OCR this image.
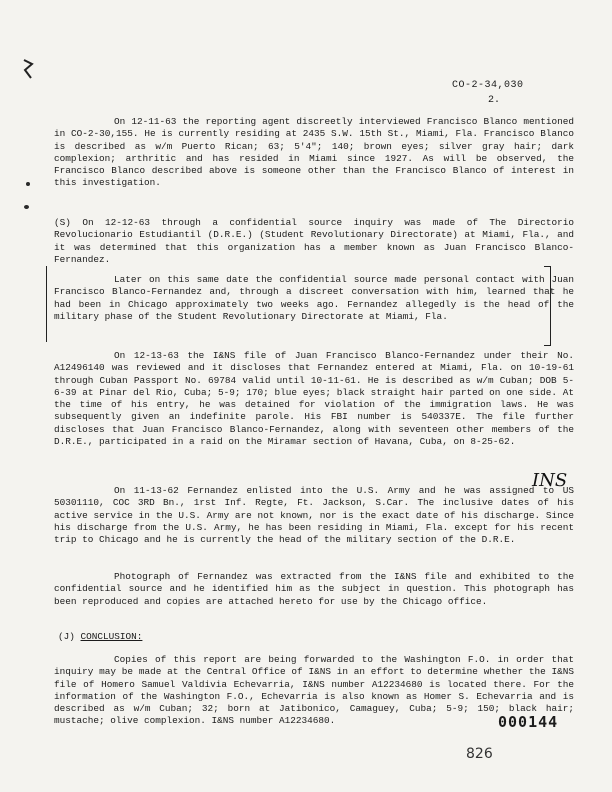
CO-2-34,030
2.

On 12-11-63 the reporting agent discreetly interviewed Francisco Blanco mentioned in CO-2-30,155. He is currently residing at 2435 S.W. 15th St., Miami, Fla. Francisco Blanco is described as w/m Puerto Rican; 63; 5'4"; 140; brown eyes; silver gray hair; dark complexion; arthritic and has resided in Miami since 1927. As will be observed, the Francisco Blanco described above is someone other than the Francisco Blanco of interest in this investigation.

(S) On 12-12-63 through a confidential source inquiry was made of The Directorio Revolucionario Estudiantil (D.R.E.) (Student Revolutionary Directorate) at Miami, Fla., and it was determined that this organization has a member known as Juan Francisco Blanco-Fernandez.

Later on this same date the confidential source made personal contact with Juan Francisco Blanco-Fernandez and, through a discreet conversation with him, learned that he had been in Chicago approximately two weeks ago. Fernandez allegedly is the head of the military phase of the Student Revolutionary Directorate at Miami, Fla.

On 12-13-63 the I&NS file of Juan Francisco Blanco-Fernandez under their No. A12496140 was reviewed and it discloses that Fernandez entered at Miami, Fla. on 10-19-61 through Cuban Passport No. 69784 valid until 10-11-61. He is described as w/m Cuban; DOB 5-6-39 at Pinar del Rio, Cuba; 5-9; 170; blue eyes; black straight hair parted on one side. At the time of his entry, he was detained for violation of the immigration laws. He was subsequently given an indefinite parole. His FBI number is 540337E. The file further discloses that Juan Francisco Blanco-Fernandez, along with seventeen other members of the D.R.E., participated in a raid on the Miramar section of Havana, Cuba, on 8-25-62.

INS

On 11-13-62 Fernandez enlisted into the U.S. Army and he was assigned to US 50301110, COC 3RD Bn., 1rst Inf. Regte, Ft. Jackson, S.Car. The inclusive dates of his active service in the U.S. Army are not known, nor is the exact date of his discharge. Since his discharge from the U.S. Army, he has been residing in Miami, Fla. except for his recent trip to Chicago and he is currently the head of the military section of the D.R.E.

Photograph of Fernandez was extracted from the I&NS file and exhibited to the confidential source and he identified him as the subject in question. This photograph has been reproduced and copies are attached hereto for use by the Chicago office.

(J) CONCLUSION:

Copies of this report are being forwarded to the Washington F.O. in order that inquiry may be made at the Central Office of I&NS in an effort to determine whether the I&NS file of Homero Samuel Valdivia Echevarria, I&NS number A12234680 is located there. For the information of the Washington F.O., Echevarria is also known as Homer S. Echevarria and is described as w/m Cuban; 32; born at Jatibonico, Camaguey, Cuba; 5-9; 150; black hair; mustache; olive complexion. I&NS number A12234680.	000144
826
